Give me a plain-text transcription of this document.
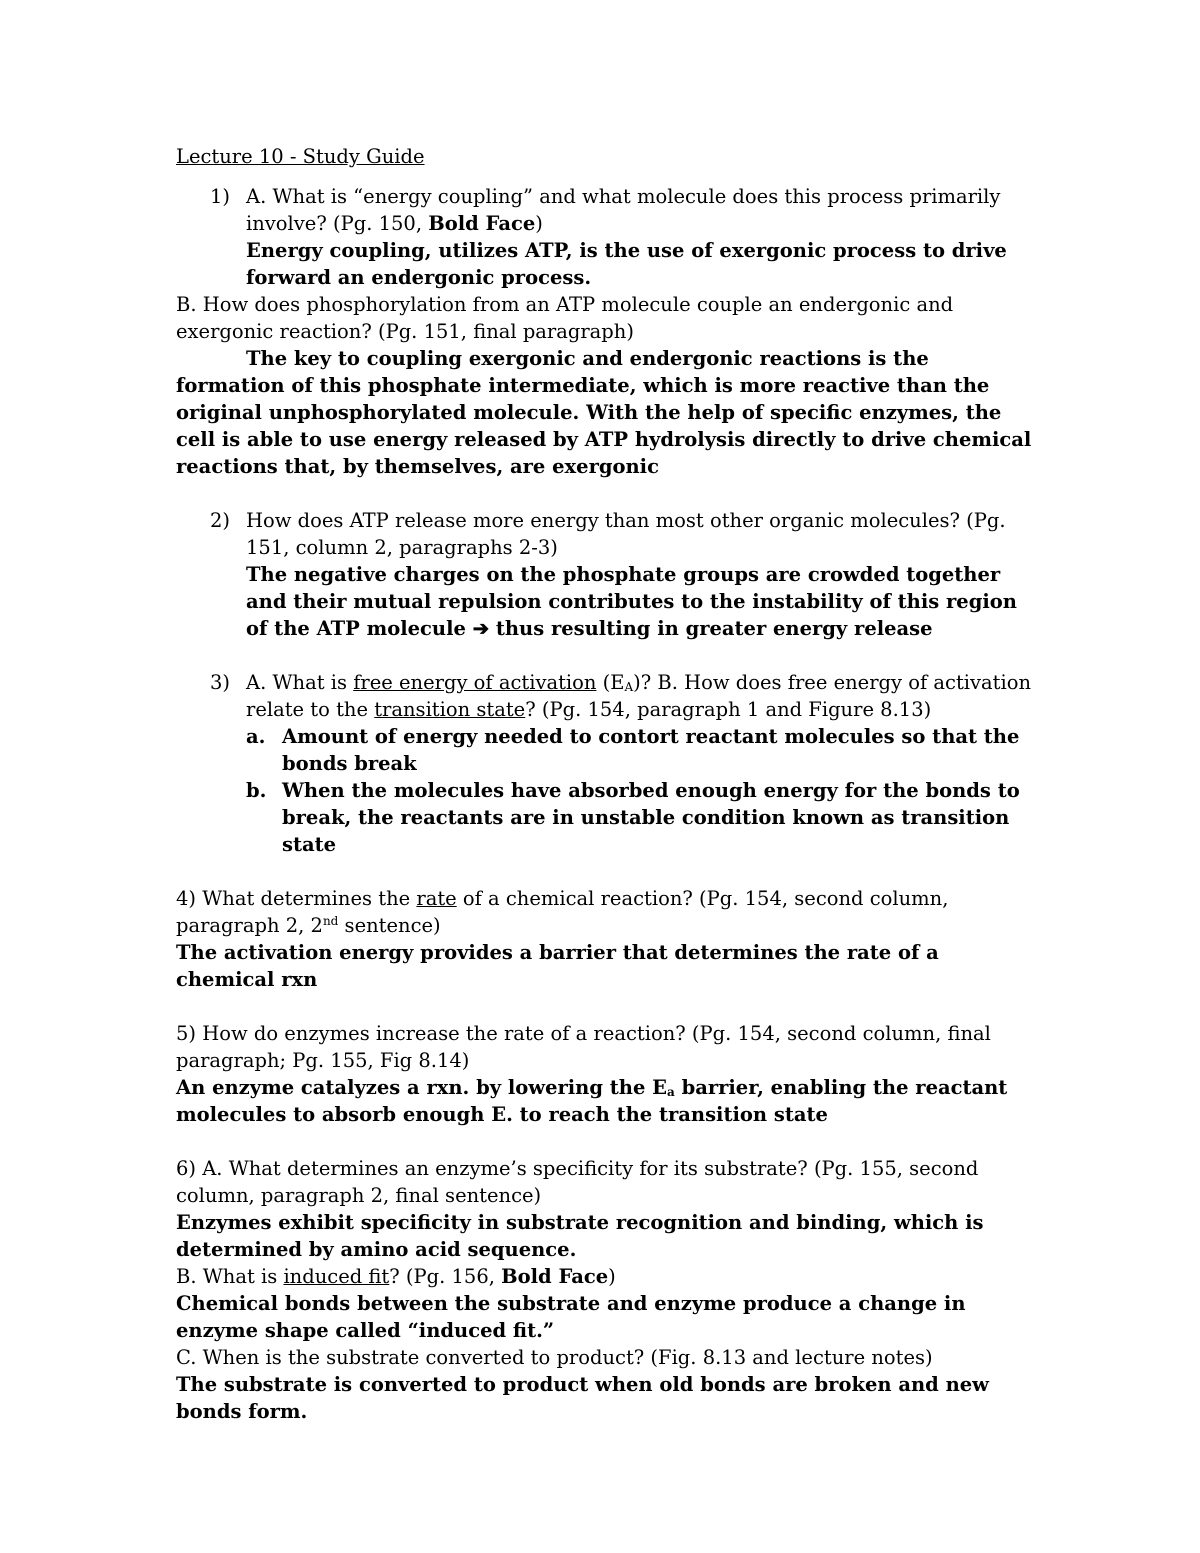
Lecture 10 - Study Guide

1) A. What is “energy coupling” and what molecule does this process primarily involve? (Pg. 150, Bold Face)

Energy coupling, utilizes ATP, is the use of exergonic process to drive forward an endergonic process.

B. How does phosphorylation from an ATP molecule couple an endergonic and exergonic reaction? (Pg. 151, final paragraph)

The key to coupling exergonic and endergonic reactions is the formation of this phosphate intermediate, which is more reactive than the original unphosphorylated molecule. With the help of specific enzymes, the cell is able to use energy released by ATP hydrolysis directly to drive chemical reactions that, by themselves, are exergonic

2) How does ATP release more energy than most other organic molecules? (Pg. 151, column 2, paragraphs 2-3)

The negative charges on the phosphate groups are crowded together and their mutual repulsion contributes to the instability of this region of the ATP molecule ➔ thus resulting in greater energy release

3) A. What is free energy of activation $(E_A)$? B. How does free energy of activation relate to the transition state? (Pg. 154, paragraph 1 and Figure 8.13)
a. Amount of energy needed to contort reactant molecules so that the bonds break
b. When the molecules have absorbed enough energy for the bonds to break, the reactants are in unstable condition known as transition state

4) What determines the rate of a chemical reaction? (Pg. 154, second column, paragraph 2, 2nd sentence)

The activation energy provides a barrier that determines the rate of a chemical rxn

5) How do enzymes increase the rate of a reaction? (Pg. 154, second column, final paragraph; Pg. 155, Fig 8.14)

An enzyme catalyzes a rxn. by lowering the $E_a$ barrier, enabling the reactant molecules to absorb enough E. to reach the transition state

6) A. What determines an enzyme’s specificity for its substrate? (Pg. 155, second column, paragraph 2, final sentence)

Enzymes exhibit specificity in substrate recognition and binding, which is determined by amino acid sequence.

B. What is induced fit? (Pg. 156, Bold Face)

Chemical bonds between the substrate and enzyme produce a change in enzyme shape called “induced fit.”

C. When is the substrate converted to product? (Fig. 8.13 and lecture notes)

The substrate is converted to product when old bonds are broken and new bonds form.
